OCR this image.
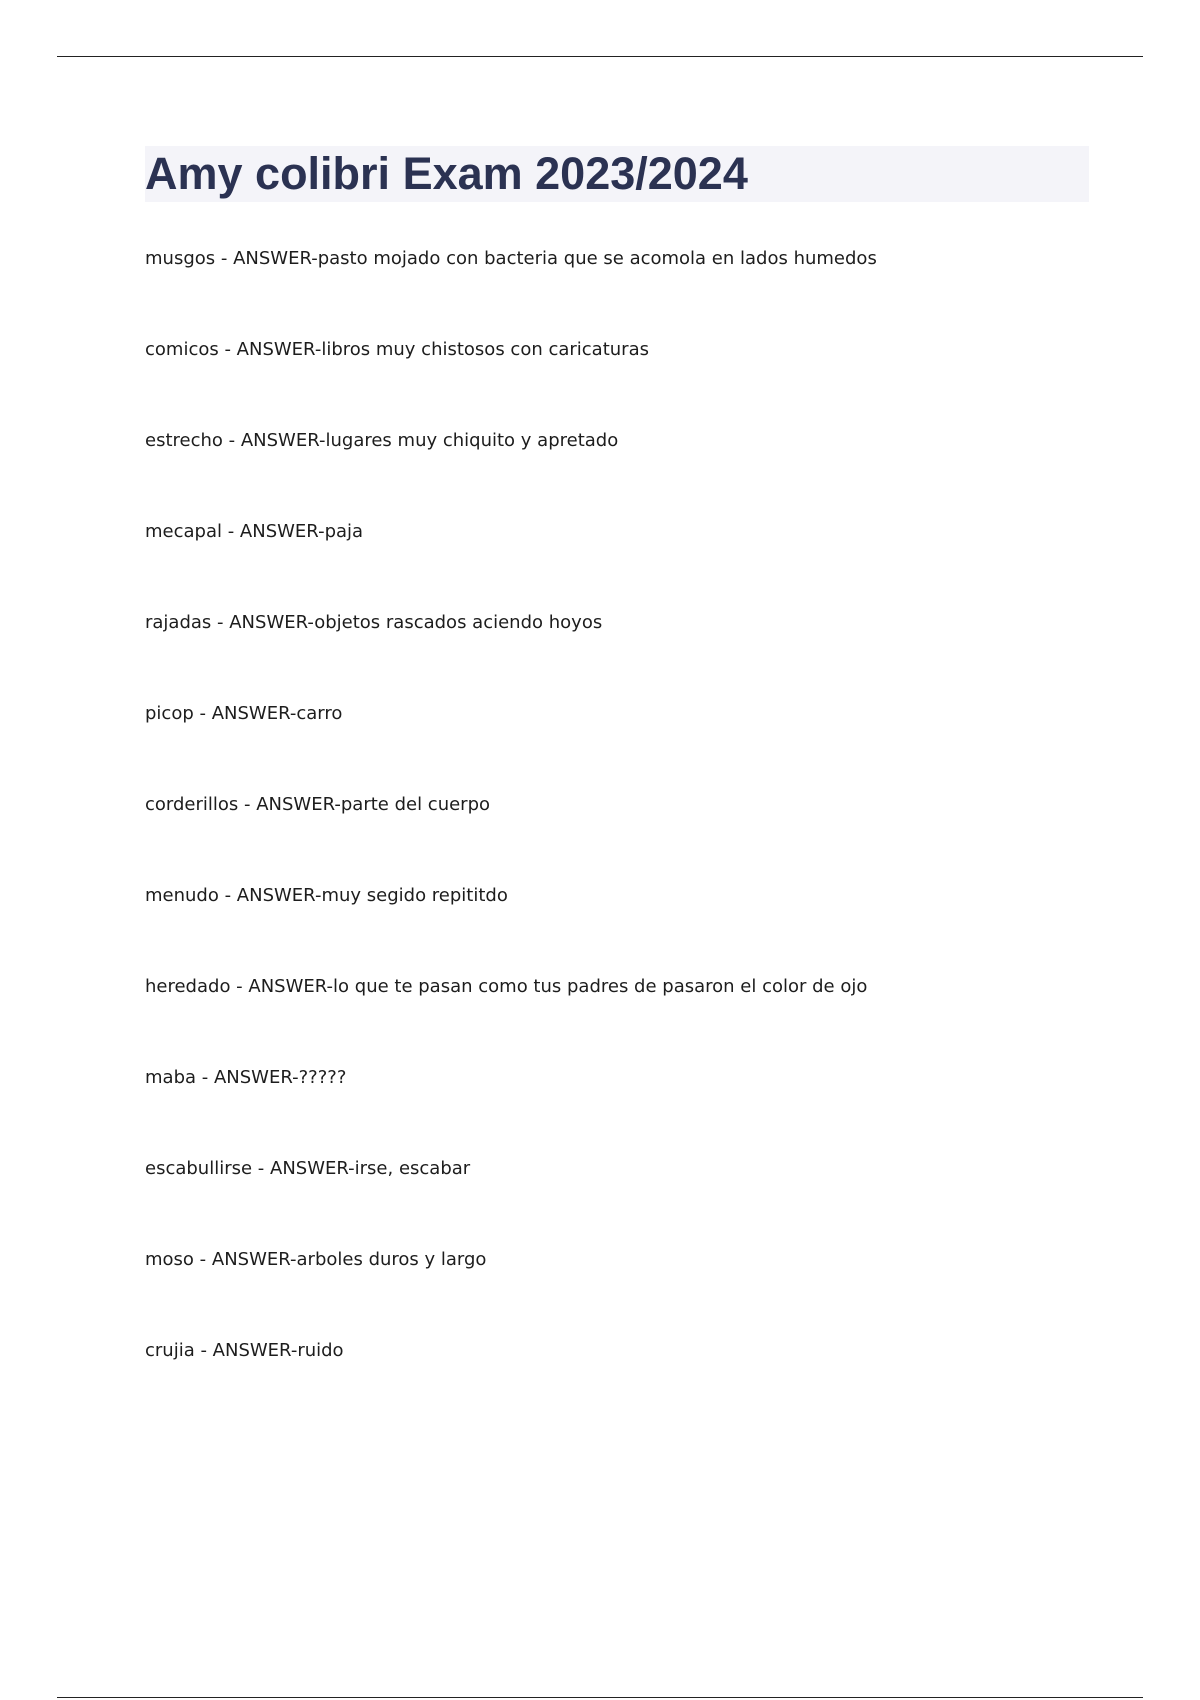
Amy colibri Exam 2023/2024
musgos - ANSWER-pasto mojado con bacteria que se acomola en lados humedos
comicos - ANSWER-libros muy chistosos con caricaturas
estrecho - ANSWER-lugares muy chiquito y apretado
mecapal - ANSWER-paja
rajadas - ANSWER-objetos rascados aciendo hoyos
picop - ANSWER-carro
corderillos - ANSWER-parte del cuerpo
menudo - ANSWER-muy segido repititdo
heredado - ANSWER-lo que te pasan como tus padres de pasaron el color de ojo
maba - ANSWER-?????
escabullirse - ANSWER-irse, escabar
moso - ANSWER-arboles duros y largo
crujia - ANSWER-ruido
